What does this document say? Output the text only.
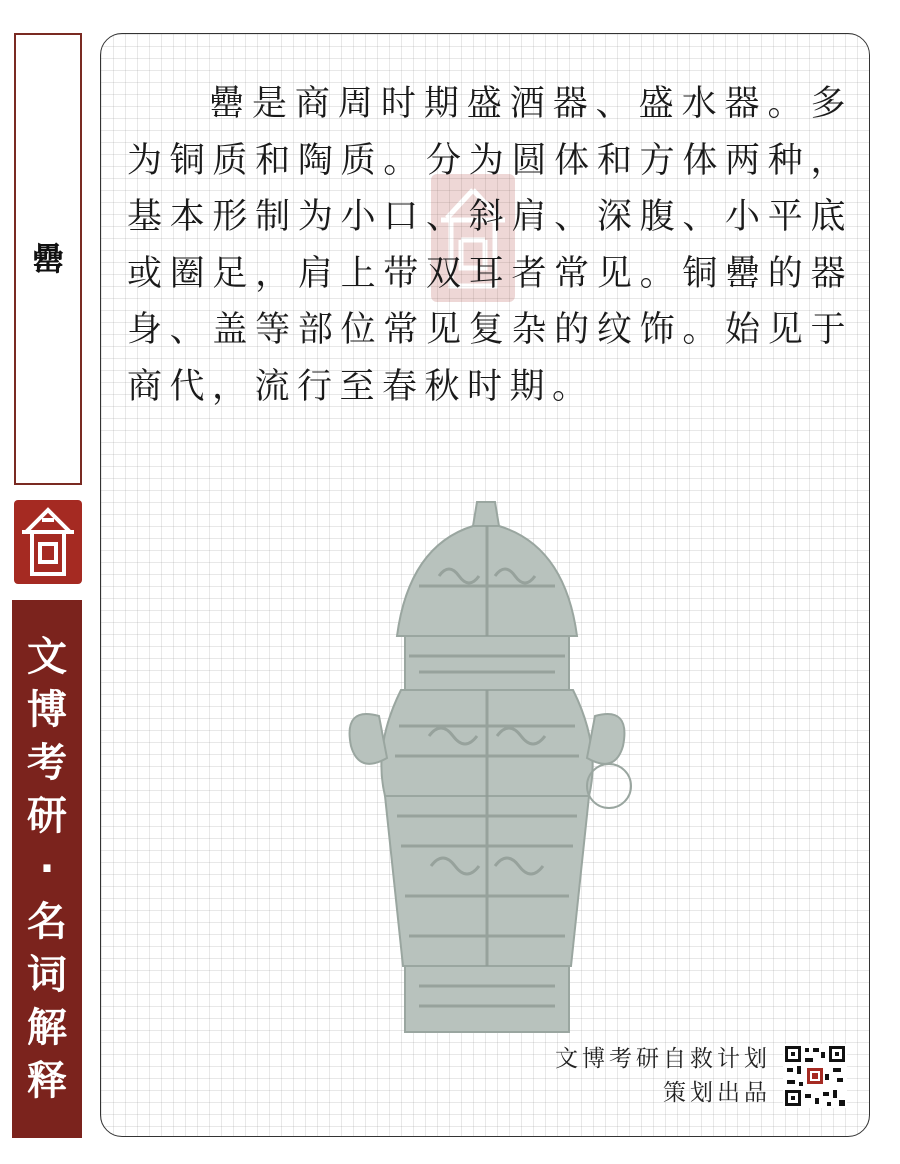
罍
文
博
考
研
·
名
词
解
释

罍是商周时期盛酒器、盛水器。多为铜质和陶质。分为圆体和方体两种，基本形制为小口、斜肩、深腹、小平底或圈足，肩上带双耳者常见。铜罍的器身、盖等部位常见复杂的纹饰。始见于商代，流行至春秋时期。

文博考研自救计划
策划出品
